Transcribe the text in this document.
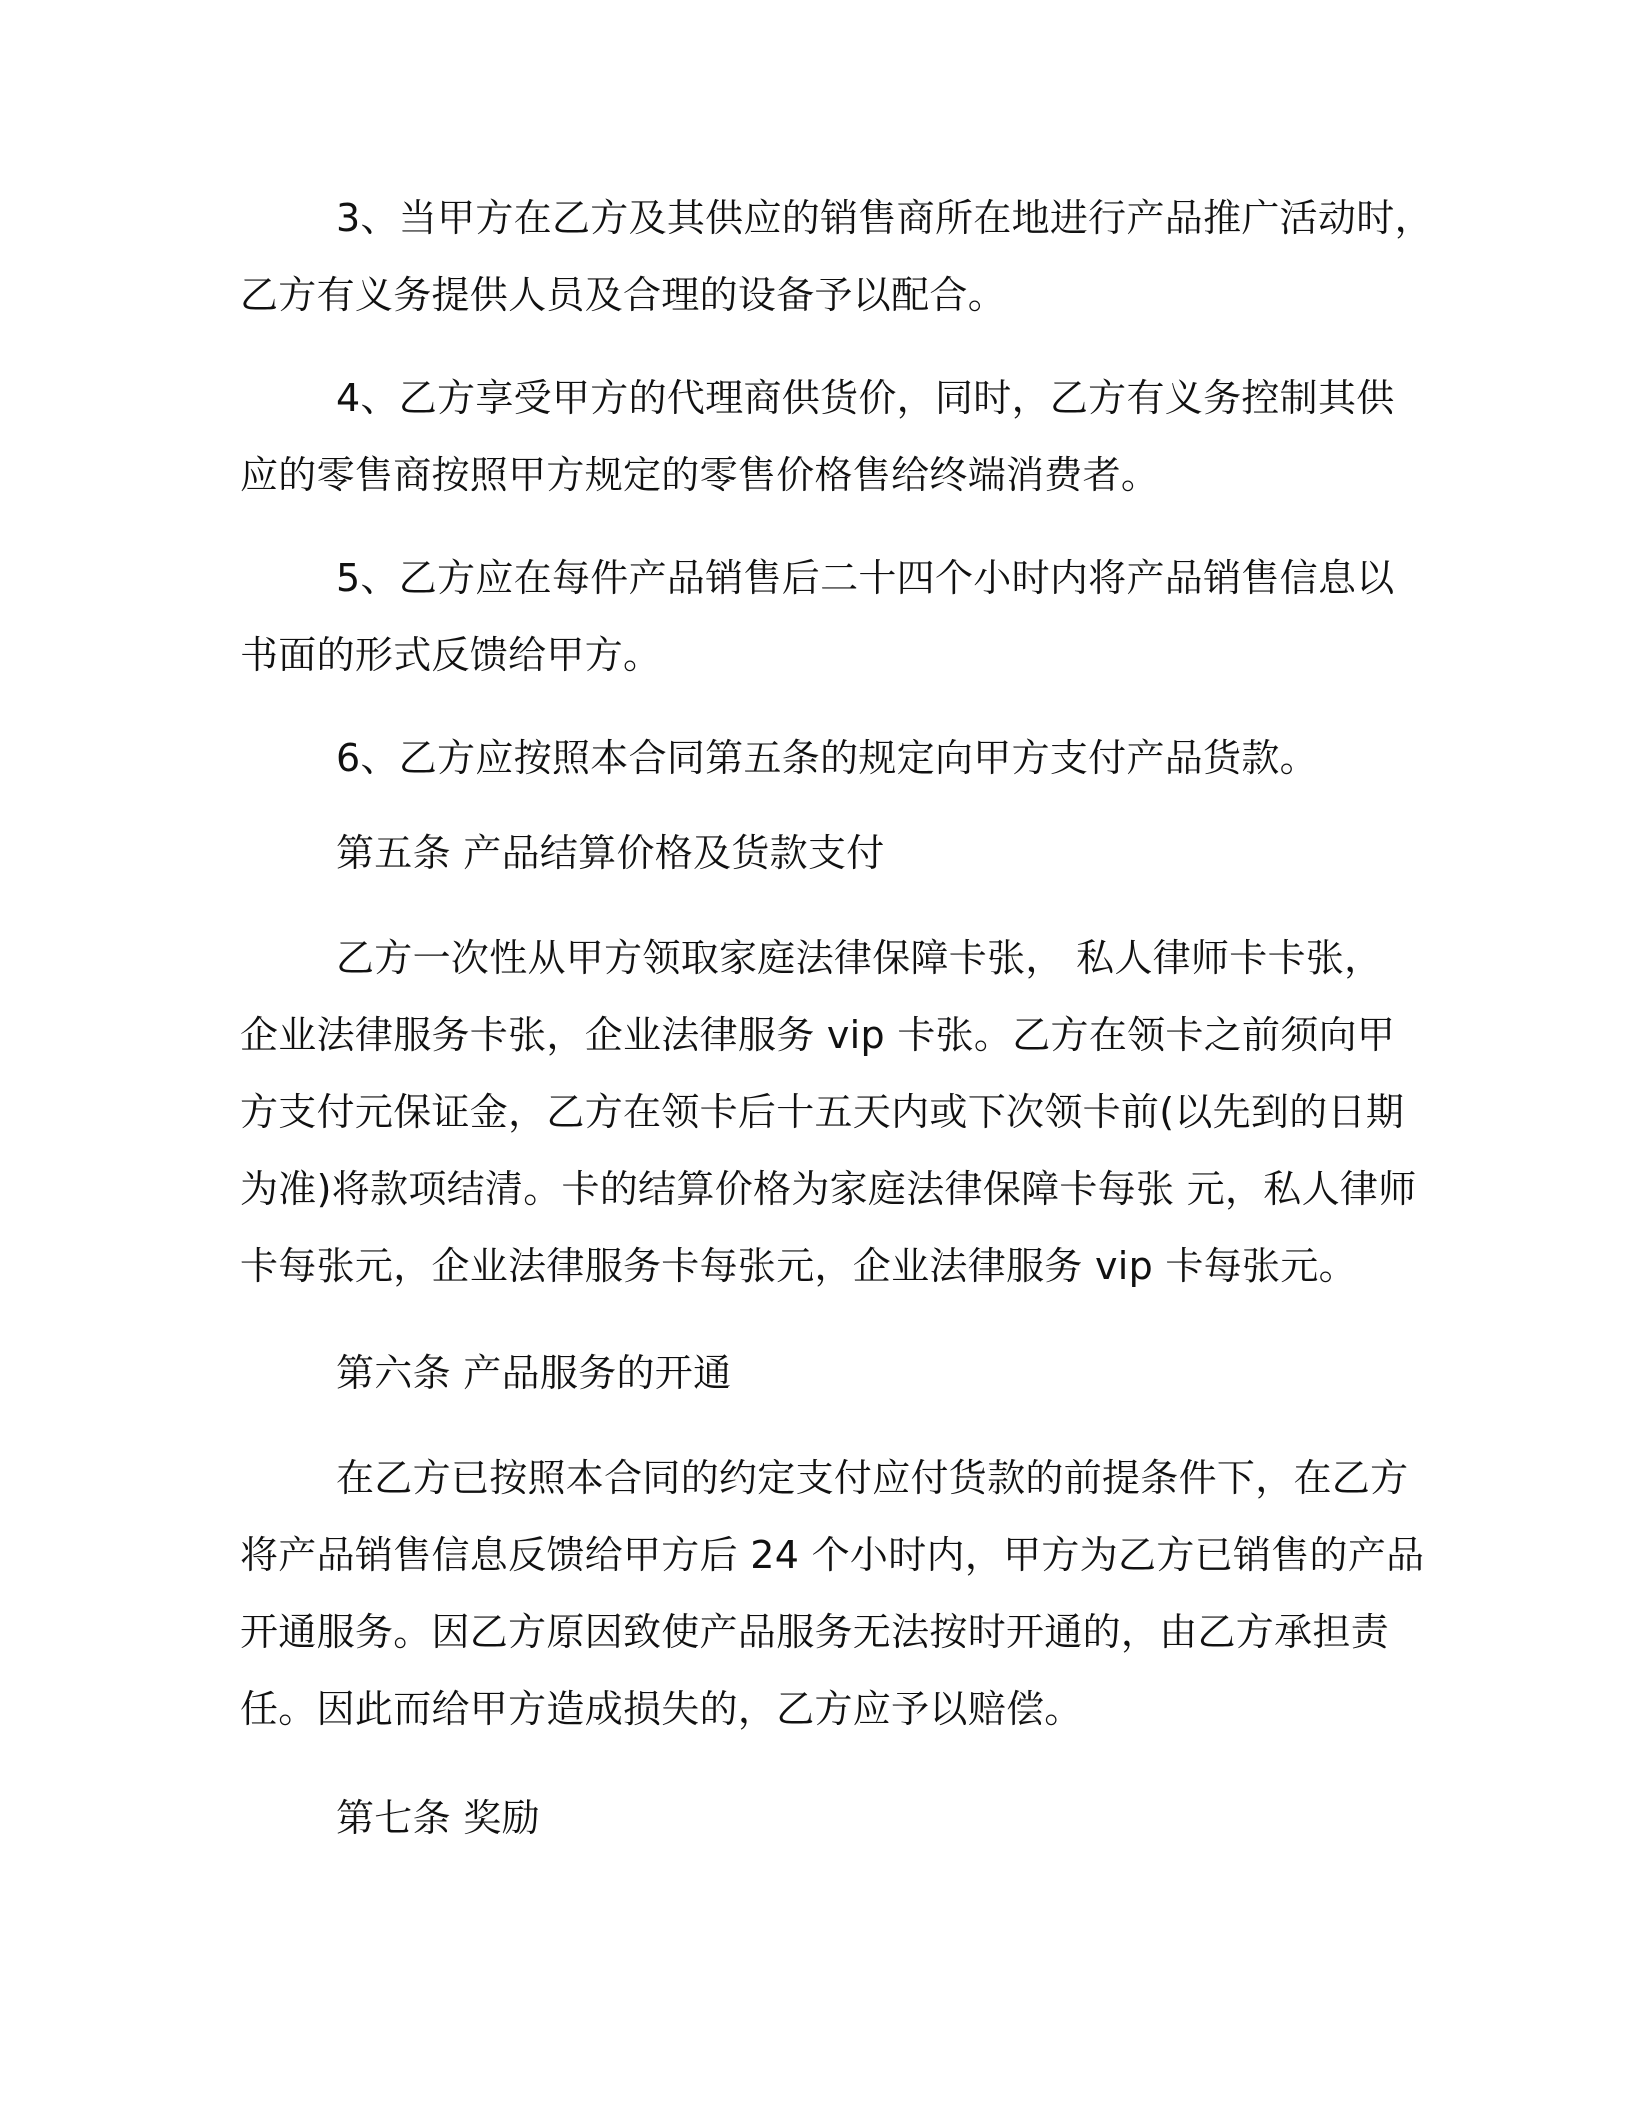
3、当甲方在乙方及其供应的销售商所在地进行产品推广活动时，
乙方有义务提供人员及合理的设备予以配合。
4、乙方享受甲方的代理商供货价，同时，乙方有义务控制其供
应的零售商按照甲方规定的零售价格售给终端消费者。
5、乙方应在每件产品销售后二十四个小时内将产品销售信息以
书面的形式反馈给甲方。
6、乙方应按照本合同第五条的规定向甲方支付产品货款。
第五条 产品结算价格及货款支付
乙方一次性从甲方领取家庭法律保障卡张， 私人律师卡卡张，
企业法律服务卡张，企业法律服务 vip 卡张。乙方在领卡之前须向甲
方支付元保证金，乙方在领卡后十五天内或下次领卡前(以先到的日期
为准)将款项结清。卡的结算价格为家庭法律保障卡每张 元，私人律师
卡每张元，企业法律服务卡每张元，企业法律服务 vip 卡每张元。
第六条 产品服务的开通
在乙方已按照本合同的约定支付应付货款的前提条件下，在乙方
将产品销售信息反馈给甲方后 24 个小时内，甲方为乙方已销售的产品
开通服务。因乙方原因致使产品服务无法按时开通的，由乙方承担责
任。因此而给甲方造成损失的，乙方应予以赔偿。
第七条 奖励
